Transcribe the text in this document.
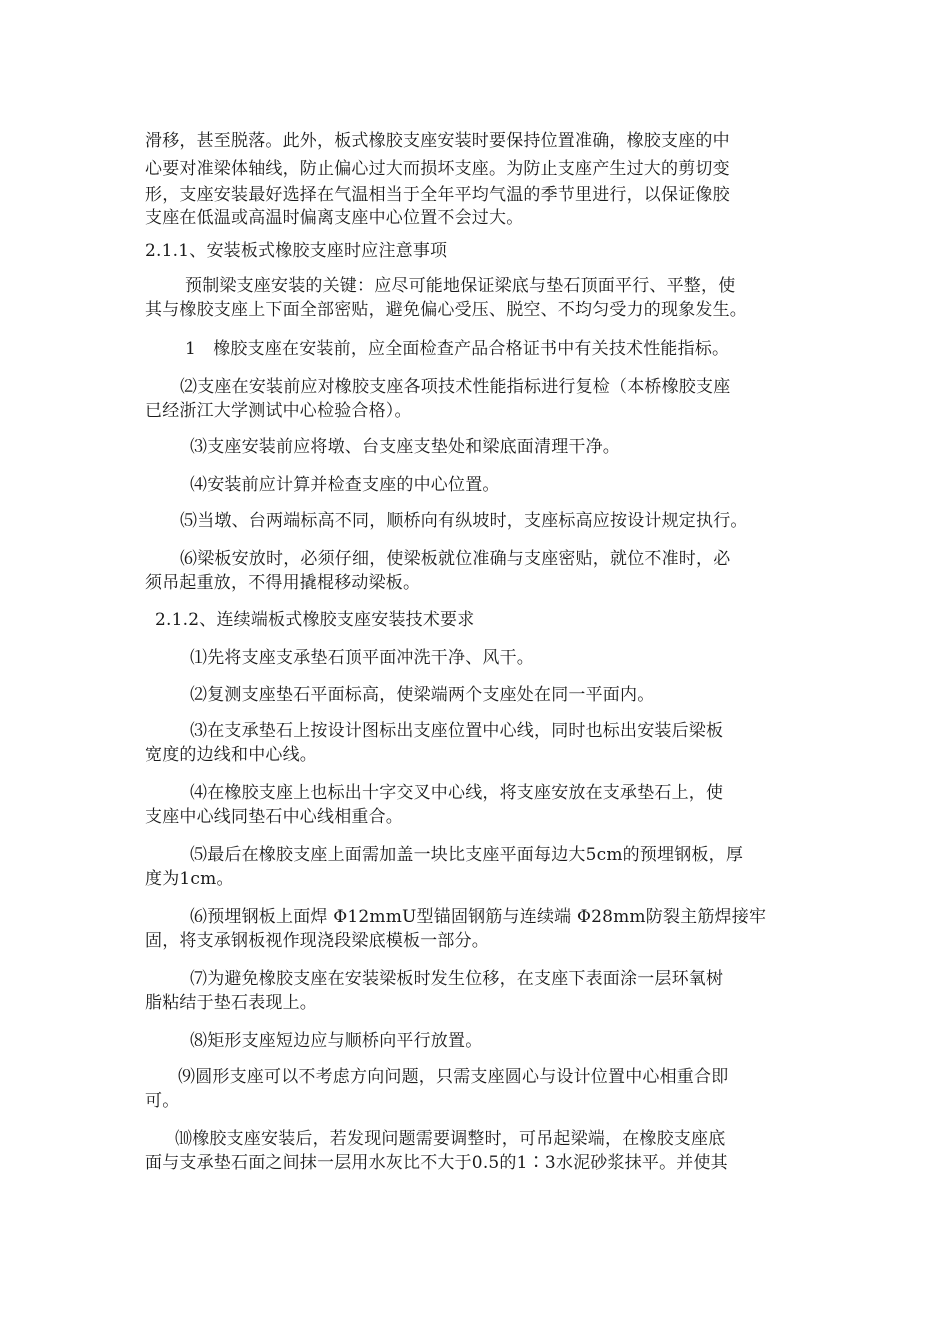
滑移，甚至脱落。此外，板式橡胶支座安装时要保持位置准确，橡胶支座的中

心要对准梁体轴线，防止偏心过大而损坏支座。为防止支座产生过大的剪切变

形，支座安装最好选择在气温相当于全年平均气温的季节里进行，以保证像胶

支座在低温或高温时偏离支座中心位置不会过大。

2.1.1、安装板式橡胶支座时应注意事项

预制梁支座安装的关键：应尽可能地保证梁底与垫石顶面平行、平整，使

其与橡胶支座上下面全部密贴，避免偏心受压、脱空、不均匀受力的现象发生。

1　橡胶支座在安装前，应全面检查产品合格证书中有关技术性能指标。

⑵支座在安装前应对橡胶支座各项技术性能指标进行复检（本桥橡胶支座

已经浙江大学测试中心检验合格）。

⑶支座安装前应将墩、台支座支垫处和梁底面清理干净。

⑷安装前应计算并检查支座的中心位置。

⑸当墩、台两端标高不同，顺桥向有纵坡时，支座标高应按设计规定执行。

⑹梁板安放时，必须仔细，使梁板就位准确与支座密贴，就位不准时，必

须吊起重放，不得用撬棍移动梁板。

2.1.2、连续端板式橡胶支座安装技术要求

⑴先将支座支承垫石顶平面冲洗干净、风干。

⑵复测支座垫石平面标高，使梁端两个支座处在同一平面内。

⑶在支承垫石上按设计图标出支座位置中心线，同时也标出安装后梁板

宽度的边线和中心线。

⑷在橡胶支座上也标出十字交叉中心线，将支座安放在支承垫石上，使

支座中心线同垫石中心线相重合。

⑸最后在橡胶支座上面需加盖一块比支座平面每边大5cm的预埋钢板，厚

度为1cm。

⑹预埋钢板上面焊 Φ12mmU型锚固钢筋与连续端 Φ28mm防裂主筋焊接牢

固，将支承钢板视作现浇段梁底模板一部分。

⑺为避免橡胶支座在安装梁板时发生位移，在支座下表面涂一层环氧树

脂粘结于垫石表现上。

⑻矩形支座短边应与顺桥向平行放置。

⑼圆形支座可以不考虑方向问题，只需支座圆心与设计位置中心相重合即

可。

⑽橡胶支座安装后，若发现问题需要调整时，可吊起梁端，在橡胶支座底

面与支承垫石面之间抹一层用水灰比不大于0.5的1∶3水泥砂浆抹平。并使其
